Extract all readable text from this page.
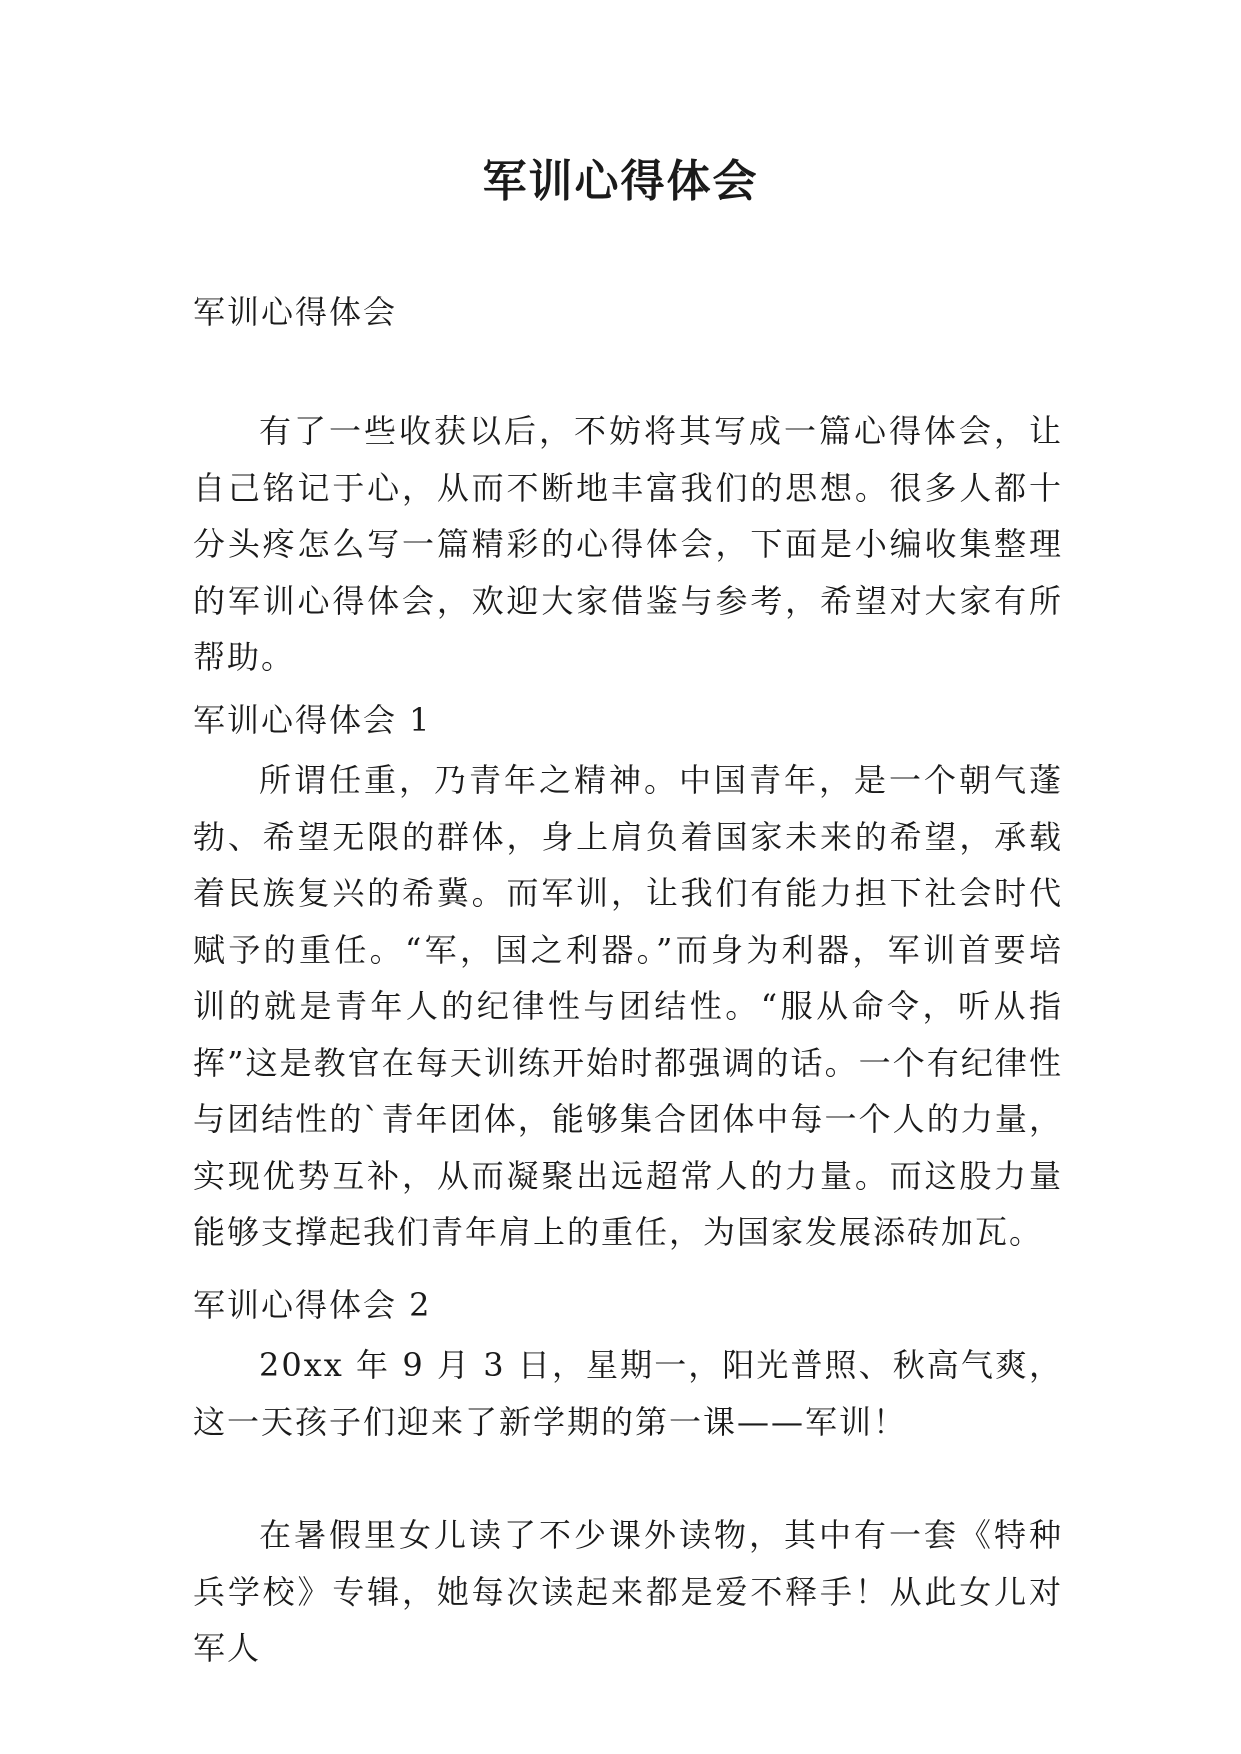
军训心得体会
军训心得体会

有了一些收获以后，不妨将其写成一篇心得体会，让自己铭记于心，从而不断地丰富我们的思想。很多人都十分头疼怎么写一篇精彩的心得体会，下面是小编收集整理的军训心得体会，欢迎大家借鉴与参考，希望对大家有所帮助。

军训心得体会 1

所谓任重，乃青年之精神。中国青年，是一个朝气蓬勃、希望无限的群体，身上肩负着国家未来的希望，承载着民族复兴的希冀。而军训，让我们有能力担下社会时代赋予的重任。“军，国之利器。”而身为利器，军训首要培训的就是青年人的纪律性与团结性。“服从命令，听从指挥”这是教官在每天训练开始时都强调的话。一个有纪律性与团结性的`青年团体，能够集合团体中每一个人的力量，实现优势互补，从而凝聚出远超常人的力量。而这股力量能够支撑起我们青年肩上的重任，为国家发展添砖加瓦。

军训心得体会 2

20xx 年 9 月 3 日，星期一，阳光普照、秋高气爽，这一天孩子们迎来了新学期的第一课——军训！

在暑假里女儿读了不少课外读物，其中有一套《特种兵学校》专辑，她每次读起来都是爱不释手！从此女儿对军人
